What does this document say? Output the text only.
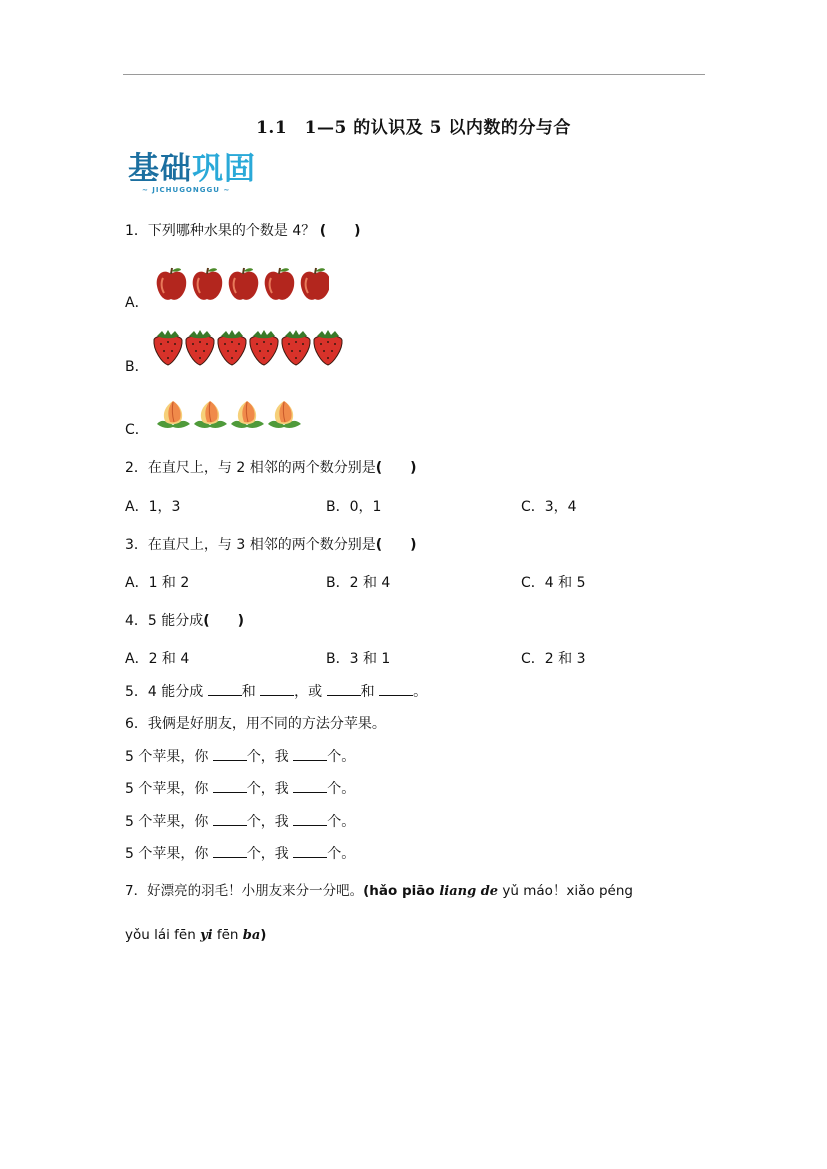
1.1　1—5 的认识及 5 以内数的分与合
基础巩固
~ JICHUGONGGU ~
1．下列哪种水果的个数是 4？ (　　)
A．
B．
C．
2．在直尺上，与 2 相邻的两个数分别是(　　)
A．1，3	B．0，1	C．3，4
3．在直尺上，与 3 相邻的两个数分别是(　　)
A．1 和 2	B．2 和 4	C．4 和 5
4．5 能分成(　　)
A．2 和 4	B．3 和 1	C．2 和 3
5．4 能分成 和 ，或 和 。
6．我俩是好朋友，用不同的方法分苹果。
5 个苹果，你 个，我 个。
5 个苹果，你 个，我 个。
5 个苹果，你 个，我 个。
5 个苹果，你 个，我 个。
7．好漂亮的羽毛！小朋友来分一分吧。(hǎo piāo liang de yǔ máo！xiǎo péng
yǒu lái fēn yi fēn ba)
